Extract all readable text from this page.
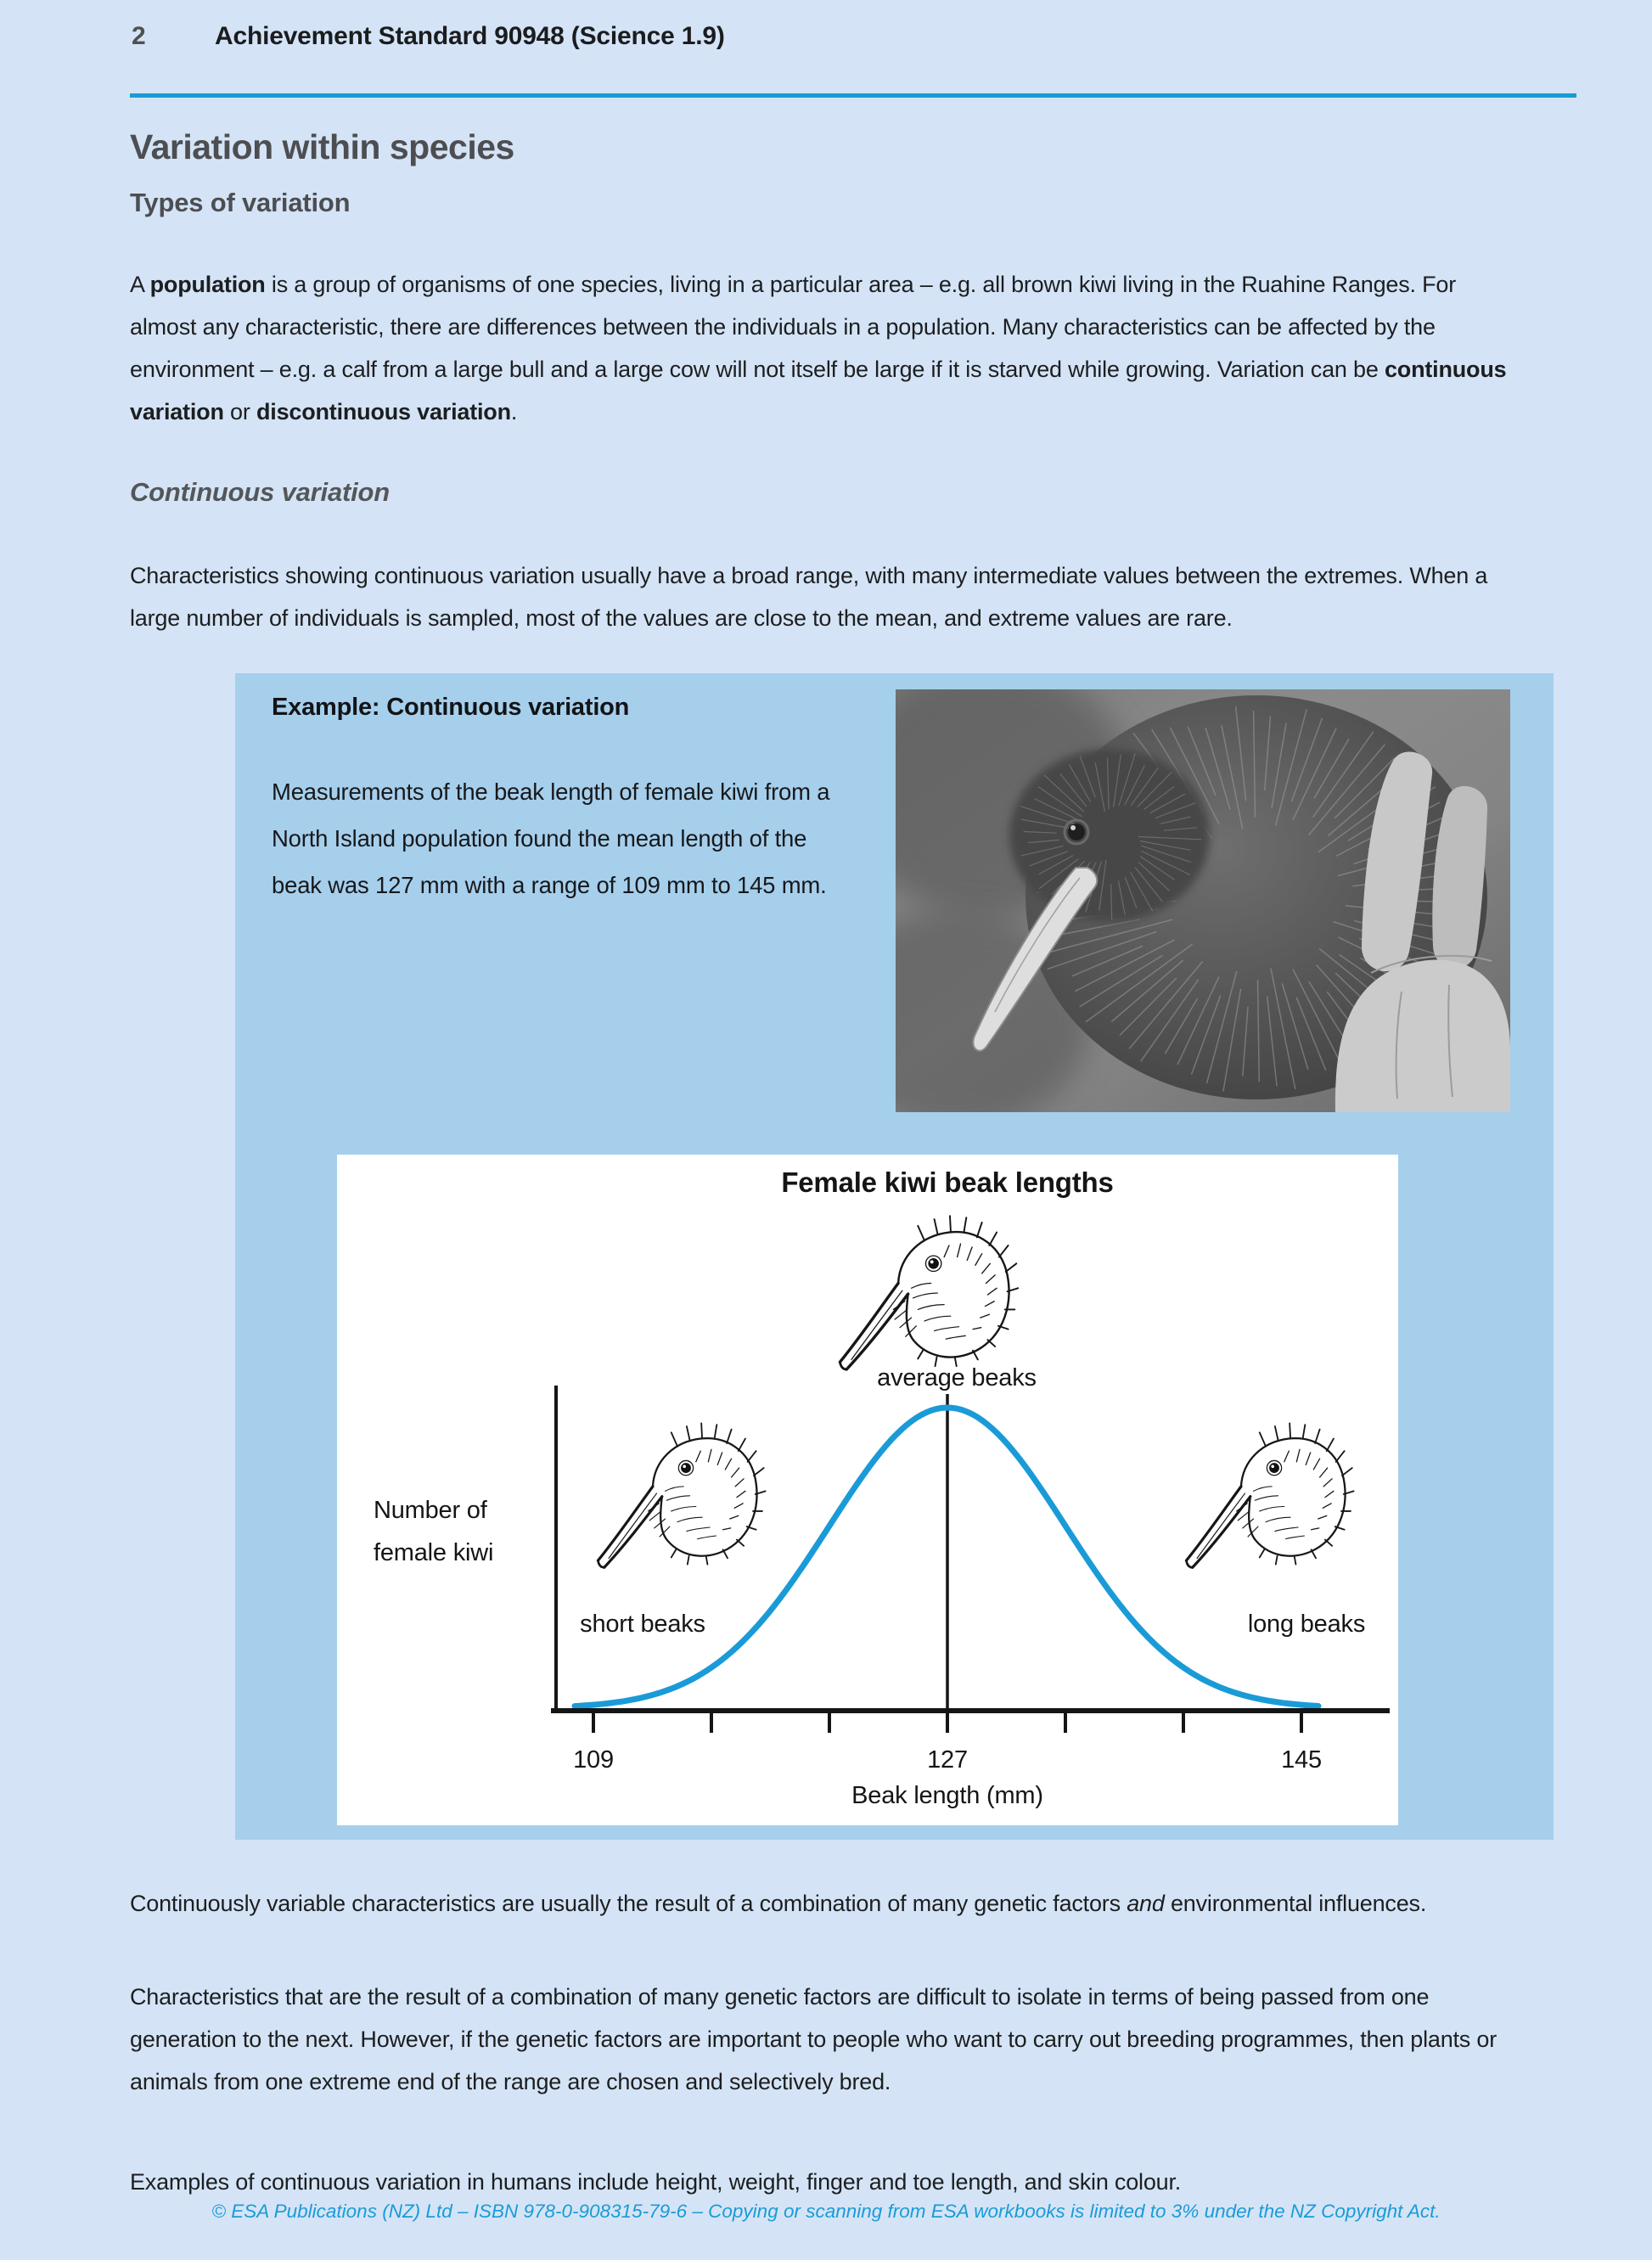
2	Achievement Standard 90948 (Science 1.9)
Variation within species
Types of variation

A population is a group of organisms of one species, living in a particular area – e.g. all brown kiwi living in the Ruahine Ranges. For almost any characteristic, there are differences between the individuals in a population. Many characteristics can be affected by the environment – e.g. a calf from a large bull and a large cow will not itself be large if it is starved while growing. Variation can be continuous variation or discontinuous variation.

Continuous variation

Characteristics showing continuous variation usually have a broad range, with many intermediate values between the extremes. When a large number of individuals is sampled, most of the values are close to the mean, and extreme values are rare.

Example: Continuous variation

Measurements of the beak length of female kiwi from a North Island population found the mean length of the beak was 127 mm with a range of 109 mm to 145 mm.

Female kiwi beak lengths
average beaks
short beaks	long beaks
Number of
female kiwi
109	127	145
Beak length (mm)

Continuously variable characteristics are usually the result of a combination of many genetic factors and environmental influences.

Characteristics that are the result of a combination of many genetic factors are difficult to isolate in terms of being passed from one generation to the next. However, if the genetic factors are important to people who want to carry out breeding programmes, then plants or animals from one extreme end of the range are chosen and selectively bred.

Examples of continuous variation in humans include height, weight, finger and toe length, and skin colour.

© ESA Publications (NZ) Ltd – ISBN 978-0-908315-79-6 – Copying or scanning from ESA workbooks is limited to 3% under the NZ Copyright Act.
